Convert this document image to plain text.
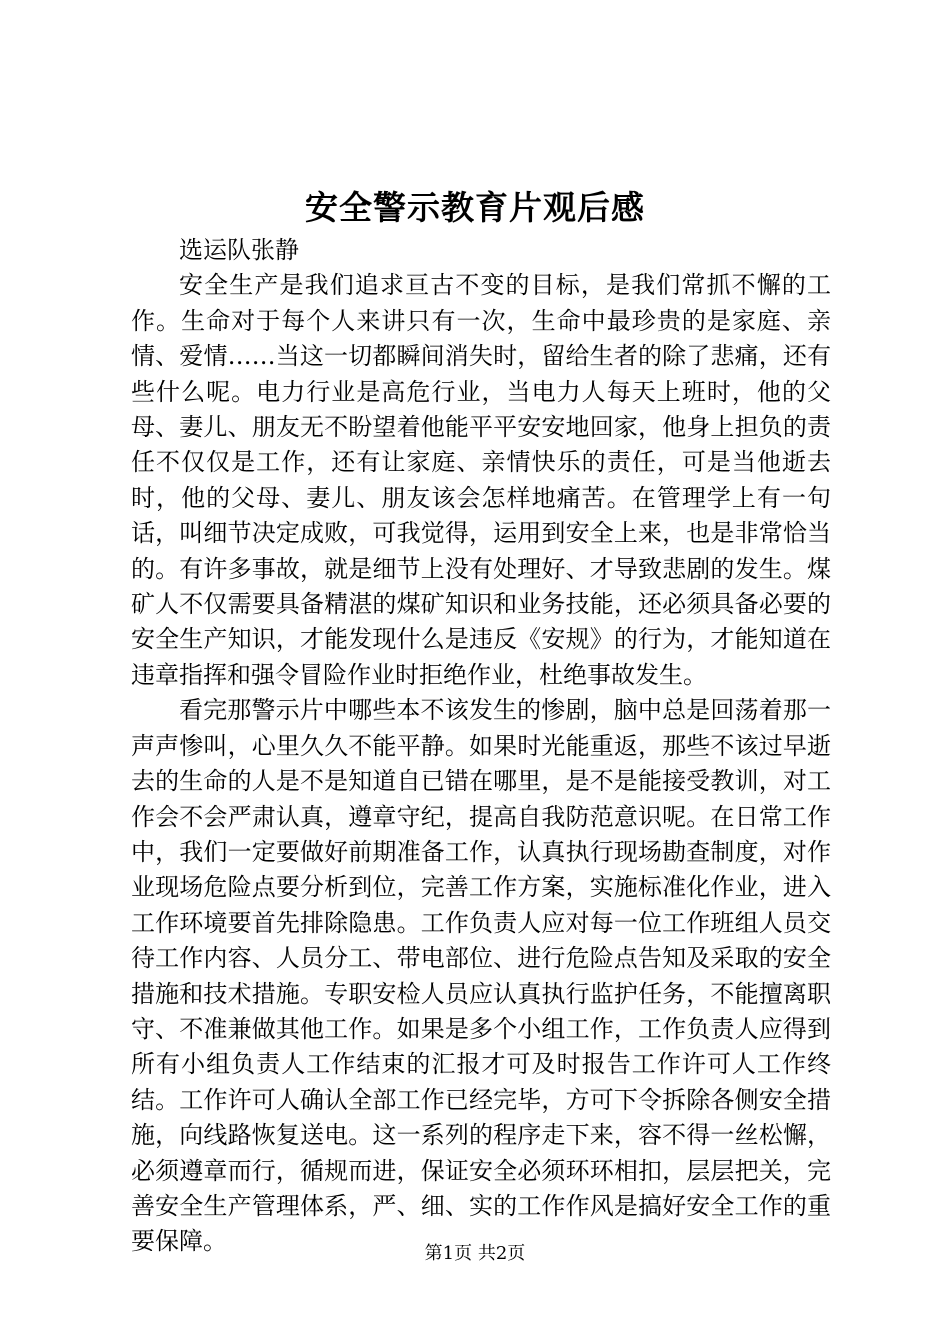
安全警示教育片观后感

选运队张静

安全生产是我们追求亘古不变的目标，是我们常抓不懈的工作。生命对于每个人来讲只有一次，生命中最珍贵的是家庭、亲情、爱情……当这一切都瞬间消失时，留给生者的除了悲痛，还有些什么呢。电力行业是高危行业，当电力人每天上班时，他的父母、妻儿、朋友无不盼望着他能平平安安地回家，他身上担负的责任不仅仅是工作，还有让家庭、亲情快乐的责任，可是当他逝去时，他的父母、妻儿、朋友该会怎样地痛苦。在管理学上有一句话，叫细节决定成败，可我觉得，运用到安全上来，也是非常恰当的。有许多事故，就是细节上没有处理好、才导致悲剧的发生。煤矿人不仅需要具备精湛的煤矿知识和业务技能，还必须具备必要的安全生产知识，才能发现什么是违反《安规》的行为，才能知道在违章指挥和强令冒险作业时拒绝作业，杜绝事故发生。

看完那警示片中哪些本不该发生的惨剧，脑中总是回荡着那一声声惨叫，心里久久不能平静。如果时光能重返，那些不该过早逝去的生命的人是不是知道自已错在哪里，是不是能接受教训，对工作会不会严肃认真，遵章守纪，提高自我防范意识呢。在日常工作中，我们一定要做好前期准备工作，认真执行现场勘查制度，对作业现场危险点要分析到位，完善工作方案，实施标准化作业，进入工作环境要首先排除隐患。工作负责人应对每一位工作班组人员交待工作内容、人员分工、带电部位、进行危险点告知及采取的安全措施和技术措施。专职安检人员应认真执行监护任务，不能擅离职守、不准兼做其他工作。如果是多个小组工作，工作负责人应得到所有小组负责人工作结束的汇报才可及时报告工作许可人工作终结。工作许可人确认全部工作已经完毕，方可下令拆除各侧安全措施，向线路恢复送电。这一系列的程序走下来，容不得一丝松懈，必须遵章而行，循规而进，保证安全必须环环相扣，层层把关，完善安全生产管理体系，严、细、实的工作作风是搞好安全工作的重要保障。	第1页 共2页
